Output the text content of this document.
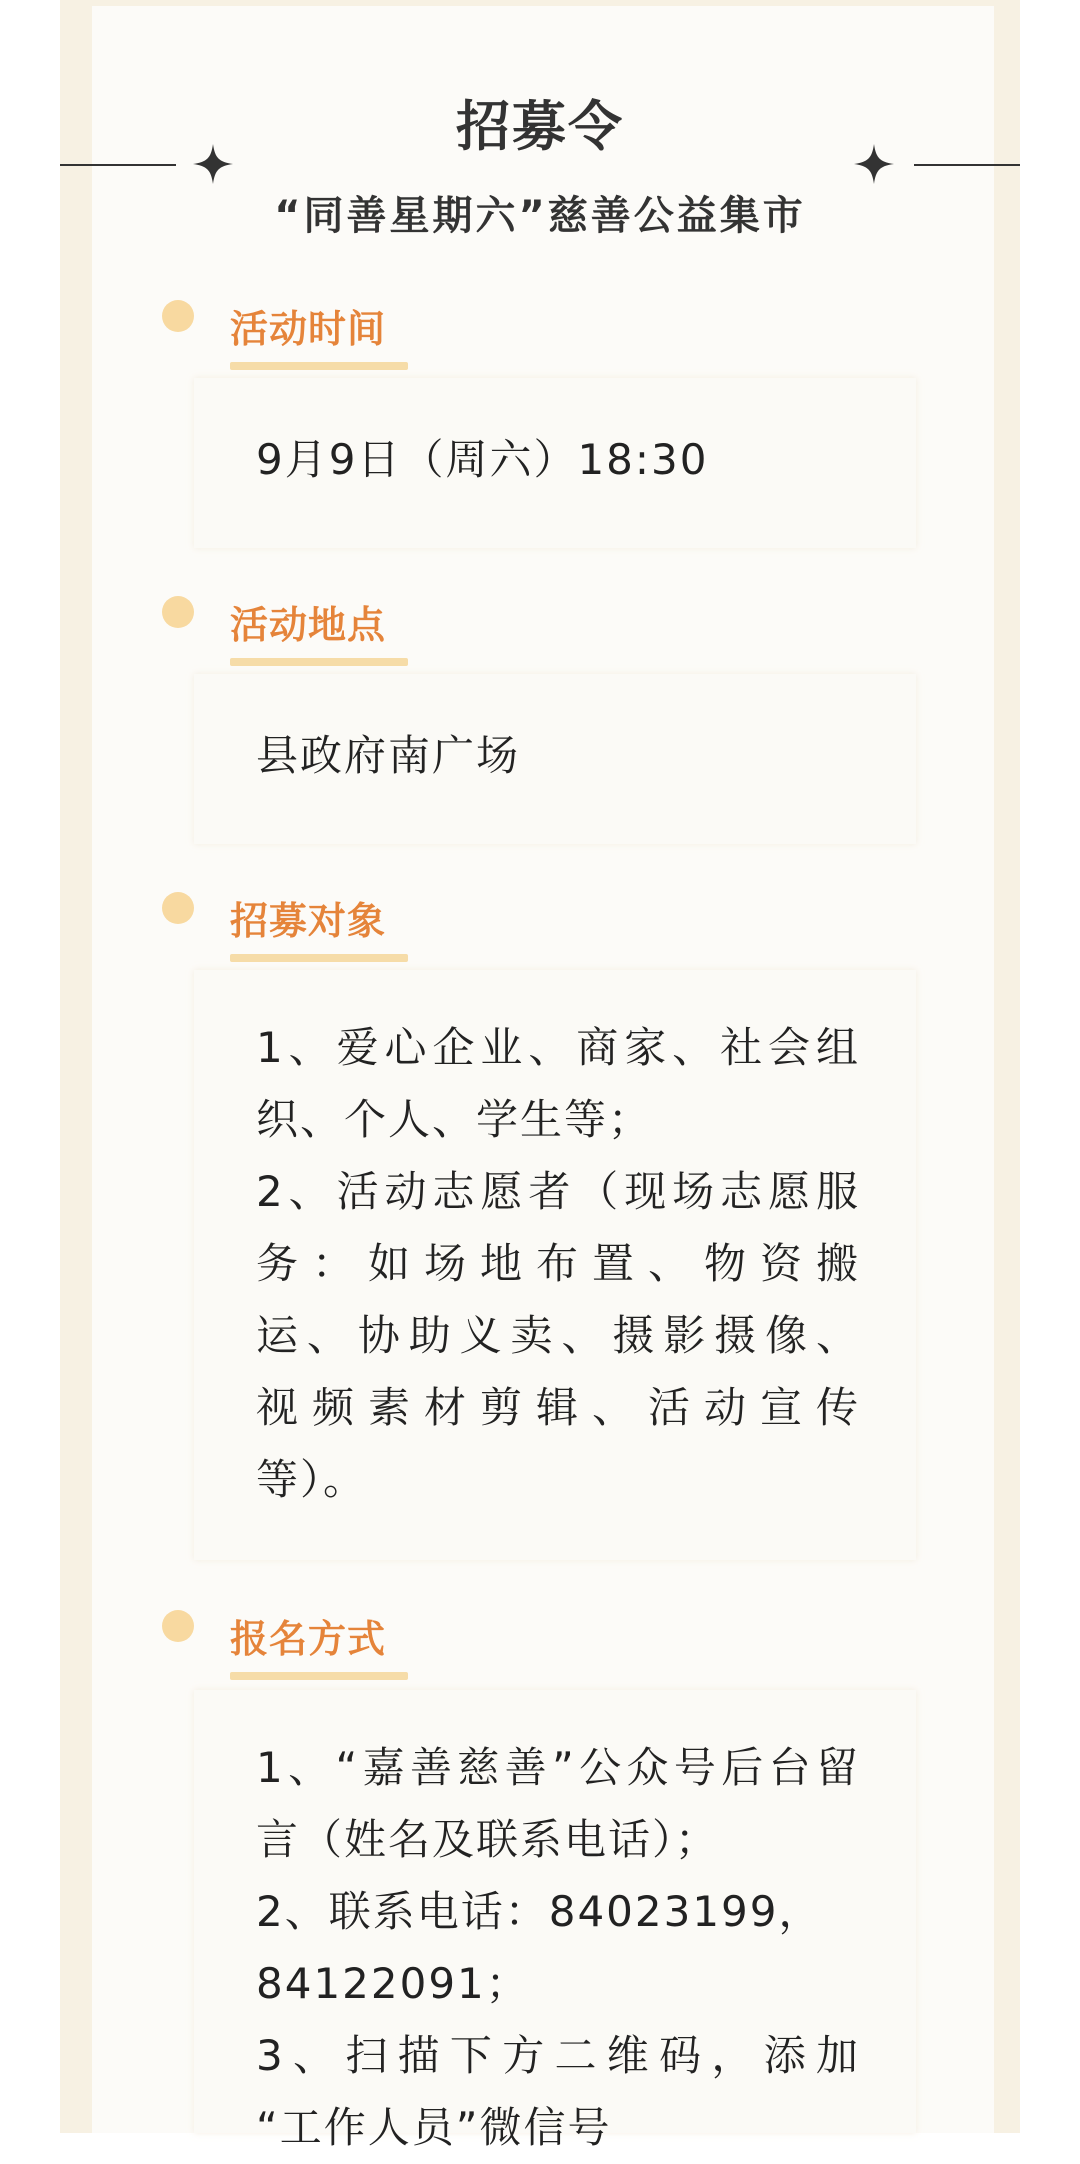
招募令
“同善星期六”慈善公益集市
活动时间
9月9日（周六）18:30
活动地点
县政府南广场
招募对象
1、爱心企业、商家、社会组
织、个人、学生等；
2、活动志愿者（现场志愿服
务：如场地布置、物资搬
运、协助义卖、摄影摄像、
视频素材剪辑、活动宣传
等）。
报名方式
1、“嘉善慈善”公众号后台留
言（姓名及联系电话）；
2、联系电话：84023199，
84122091；
3、扫描下方二维码，添加
“工作人员”微信号
